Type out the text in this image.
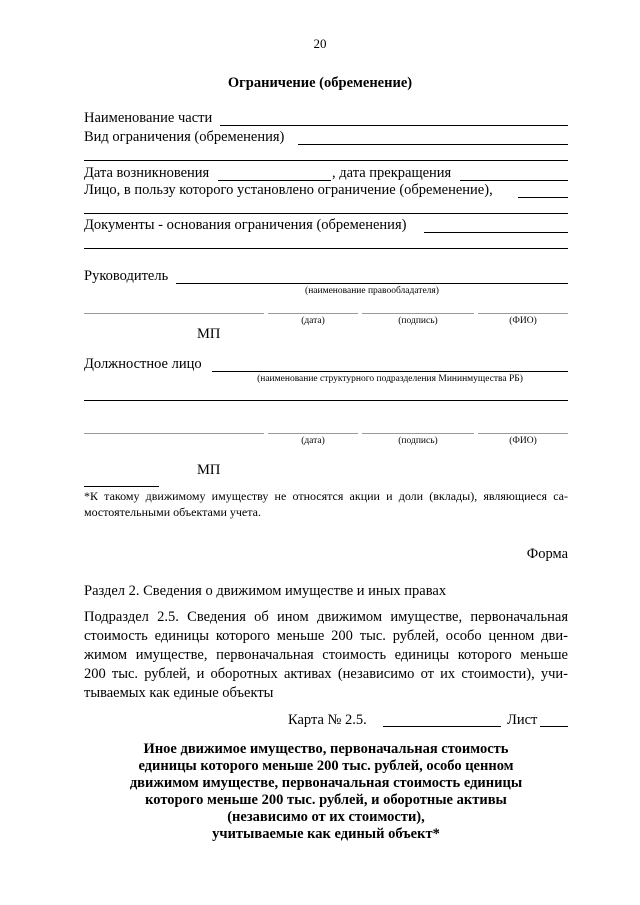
20
Ограничение (обременение)
Наименование части
Вид ограничения (обременения)
Дата возникновения	, дата прекращения
Лицо, в пользу которого установлено ограничение (обременение),
Документы - основания ограничения (обременения)
Руководитель
(наименование правообладателя)
(дата)	(подпись)	(ФИО)
МП
Должностное лицо
(наименование структурного подразделения Мининмущества РБ)
(дата)	(подпись)	(ФИО)
МП
*К такому движимому имуществу не относятся акции и доли (вклады), являющиеся са-
мостоятельными объектами учета.
Форма
Раздел 2. Сведения о движимом имуществе и иных правах
Подраздел 2.5. Сведения об ином движимом имуществе, первоначальная
стоимость единицы которого меньше 200 тыс. рублей, особо ценном дви-
жимом имуществе, первоначальная стоимость единицы которого меньше
200 тыс. рублей, и оборотных активах (независимо от их стоимости), учи-
тываемых как единые объекты
Карта № 2.5.	Лист
Иное движимое имущество, первоначальная стоимость
единицы которого меньше 200 тыс. рублей, особо ценном
движимом имуществе, первоначальная стоимость единицы
которого меньше 200 тыс. рублей, и оборотные активы
(независимо от их стоимости),
учитываемые как единый объект*
